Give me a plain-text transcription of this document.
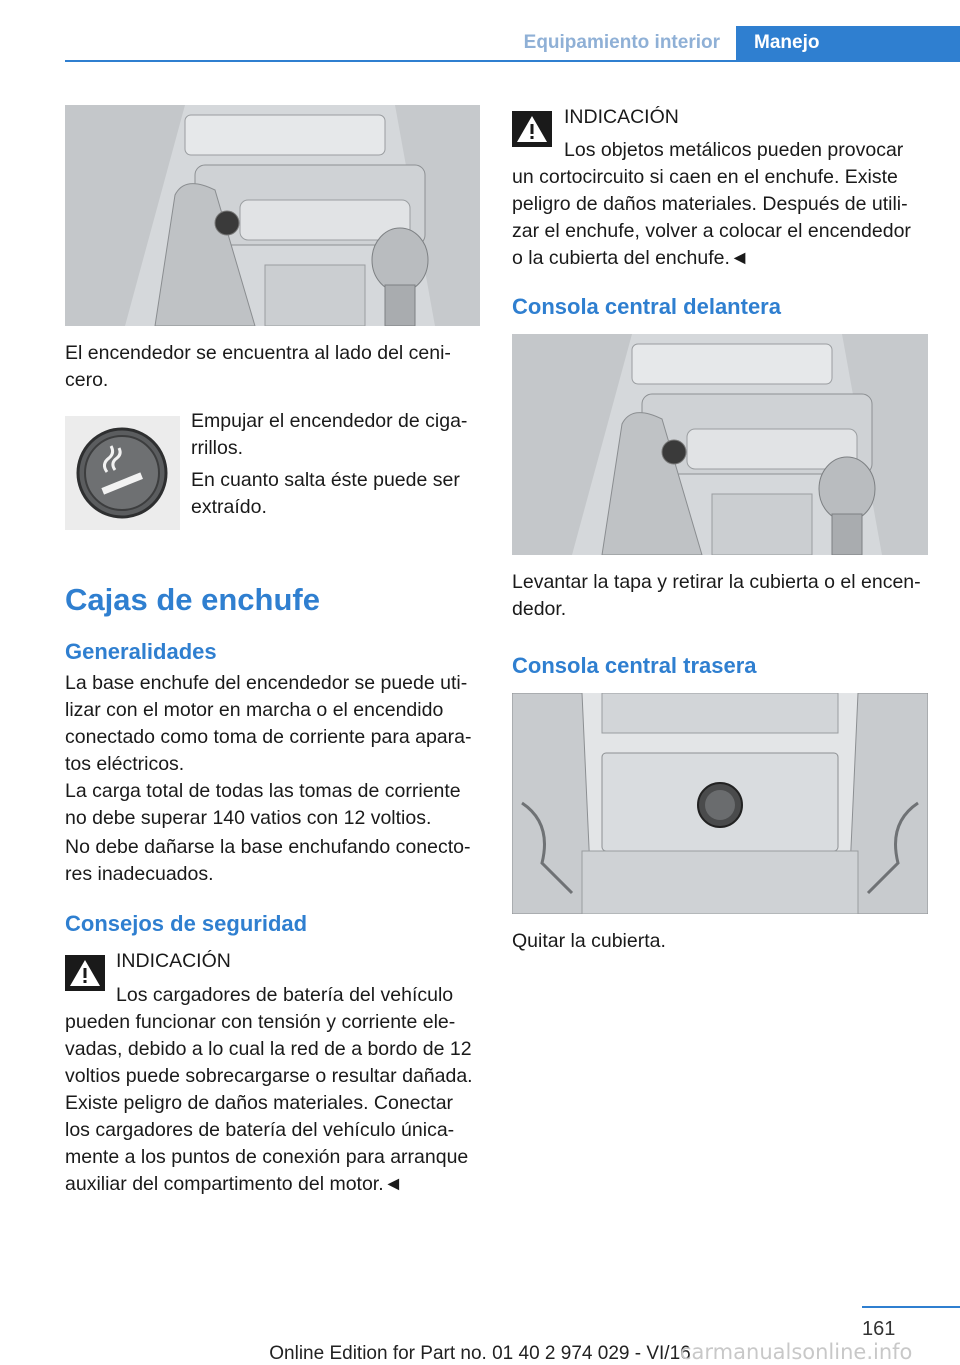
Equipamiento interior	Manejo

El encendedor se encuentra al lado del ceni-
cero.

Empujar el encendedor de ciga-
rrillos.

En cuanto salta éste puede ser
extraído.

Cajas de enchufe
Generalidades

La base enchufe del encendedor se puede uti-
lizar con el motor en marcha o el encendido
conectado como toma de corriente para apara-
tos eléctricos.

La carga total de todas las tomas de corriente
no debe superar 140 vatios con 12 voltios.

No debe dañarse la base enchufando conecto-
res inadecuados.

Consejos de seguridad

INDICACIÓN

Los cargadores de batería del vehículo
pueden funcionar con tensión y corriente ele-
vadas, debido a lo cual la red de a bordo de 12
voltios puede sobrecargarse o resultar dañada.
Existe peligro de daños materiales. Conectar
los cargadores de batería del vehículo única-
mente a los puntos de conexión para arranque
auxiliar del compartimento del motor.◄

INDICACIÓN

Los objetos metálicos pueden provocar
un cortocircuito si caen en el enchufe. Existe
peligro de daños materiales. Después de utili-
zar el enchufe, volver a colocar el encendedor
o la cubierta del enchufe.◄

Consola central delantera

Levantar la tapa y retirar la cubierta o el encen-
dedor.

Consola central trasera

Quitar la cubierta.

161
Online Edition for Part no. 01 40 2 974 029 - VI/16
carmanualsonline.info
